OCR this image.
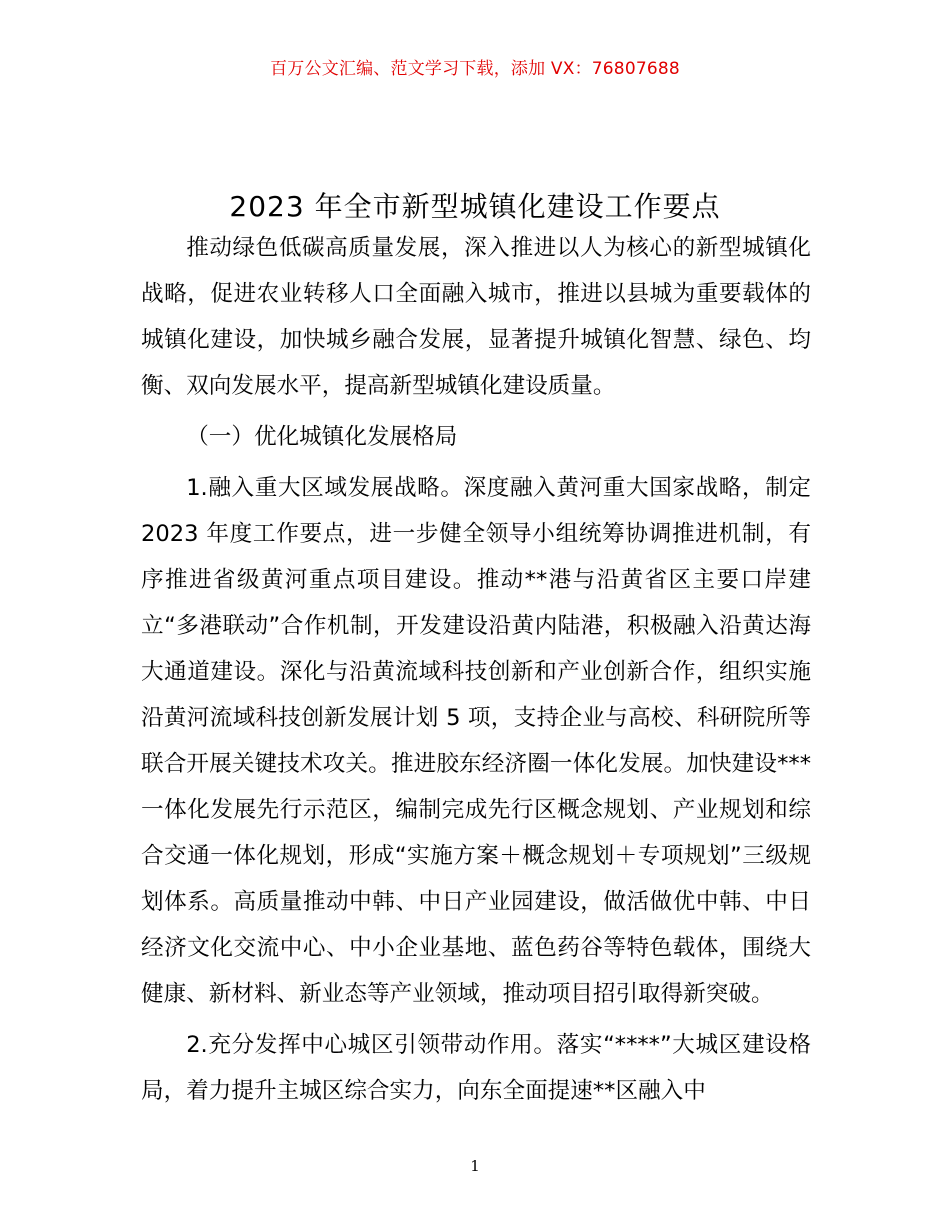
百万公文汇编、范文学习下载，添加 VX：76807688
2023 年全市新型城镇化建设工作要点

推动绿色低碳高质量发展，深入推进以人为核心的新型城镇化战略，促进农业转移人口全面融入城市，推进以县城为重要载体的城镇化建设，加快城乡融合发展，显著提升城镇化智慧、绿色、均衡、双向发展水平，提高新型城镇化建设质量。

（一）优化城镇化发展格局

1.融入重大区域发展战略。深度融入黄河重大国家战略，制定 2023 年度工作要点，进一步健全领导小组统筹协调推进机制，有序推进省级黄河重点项目建设。推动**港与沿黄省区主要口岸建立“多港联动”合作机制，开发建设沿黄内陆港，积极融入沿黄达海大通道建设。深化与沿黄流域科技创新和产业创新合作，组织实施沿黄河流域科技创新发展计划 5 项，支持企业与高校、科研院所等联合开展关键技术攻关。推进胶东经济圈一体化发展。加快建设***一体化发展先行示范区，编制完成先行区概念规划、产业规划和综合交通一体化规划，形成“实施方案＋概念规划＋专项规划”三级规划体系。高质量推动中韩、中日产业园建设，做活做优中韩、中日经济文化交流中心、中小企业基地、蓝色药谷等特色载体，围绕大健康、新材料、新业态等产业领域，推动项目招引取得新突破。

2.充分发挥中心城区引领带动作用。落实“****”大城区建设格局，着力提升主城区综合实力，向东全面提速**区融入中

1
